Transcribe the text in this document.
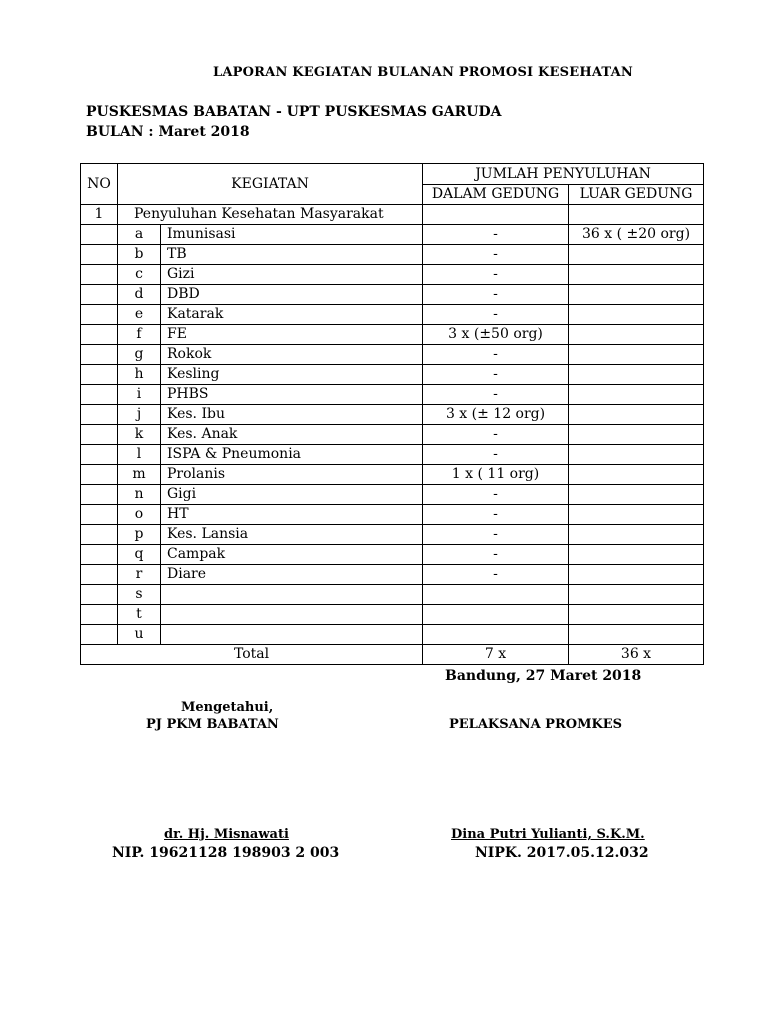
LAPORAN KEGIATAN BULANAN PROMOSI KESEHATAN
PUSKESMAS BABATAN - UPT PUSKESMAS GARUDA
BULAN : Maret 2018
NO	KEGIATAN		JUMLAH PENYULUHAN	
			DALAM GEDUNG	LUAR GEDUNG
1	Penyuluhan Kesehatan Masyarakat			
	a	Imunisasi	-	36 x ( ±20 org)
	b	TB	-	
	c	Gizi	-	
	d	DBD	-	
	e	Katarak	-	
	f	FE	3 x (±50 org)	
	g	Rokok	-	
	h	Kesling	-	
	i	PHBS	-	
	j	Kes. Ibu	3 x (± 12 org)	
	k	Kes. Anak	-	
	l	ISPA & Pneumonia	-	
	m	Prolanis	1 x ( 11 org)	
	n	Gigi	-	
	o	HT	-	
	p	Kes. Lansia	-	
	q	Campak	-	
	r	Diare	-	
	s			
	t			
	u			
Total			7 x	36 x
Bandung, 27 Maret 2018
Mengetahui,
PJ PKM BABATAN	PELAKSANA PROMKES
dr. Hj. Misnawati
NIP. 19621128 198903 2 003
Dina Putri Yulianti, S.K.M.
NIPK. 2017.05.12.032
